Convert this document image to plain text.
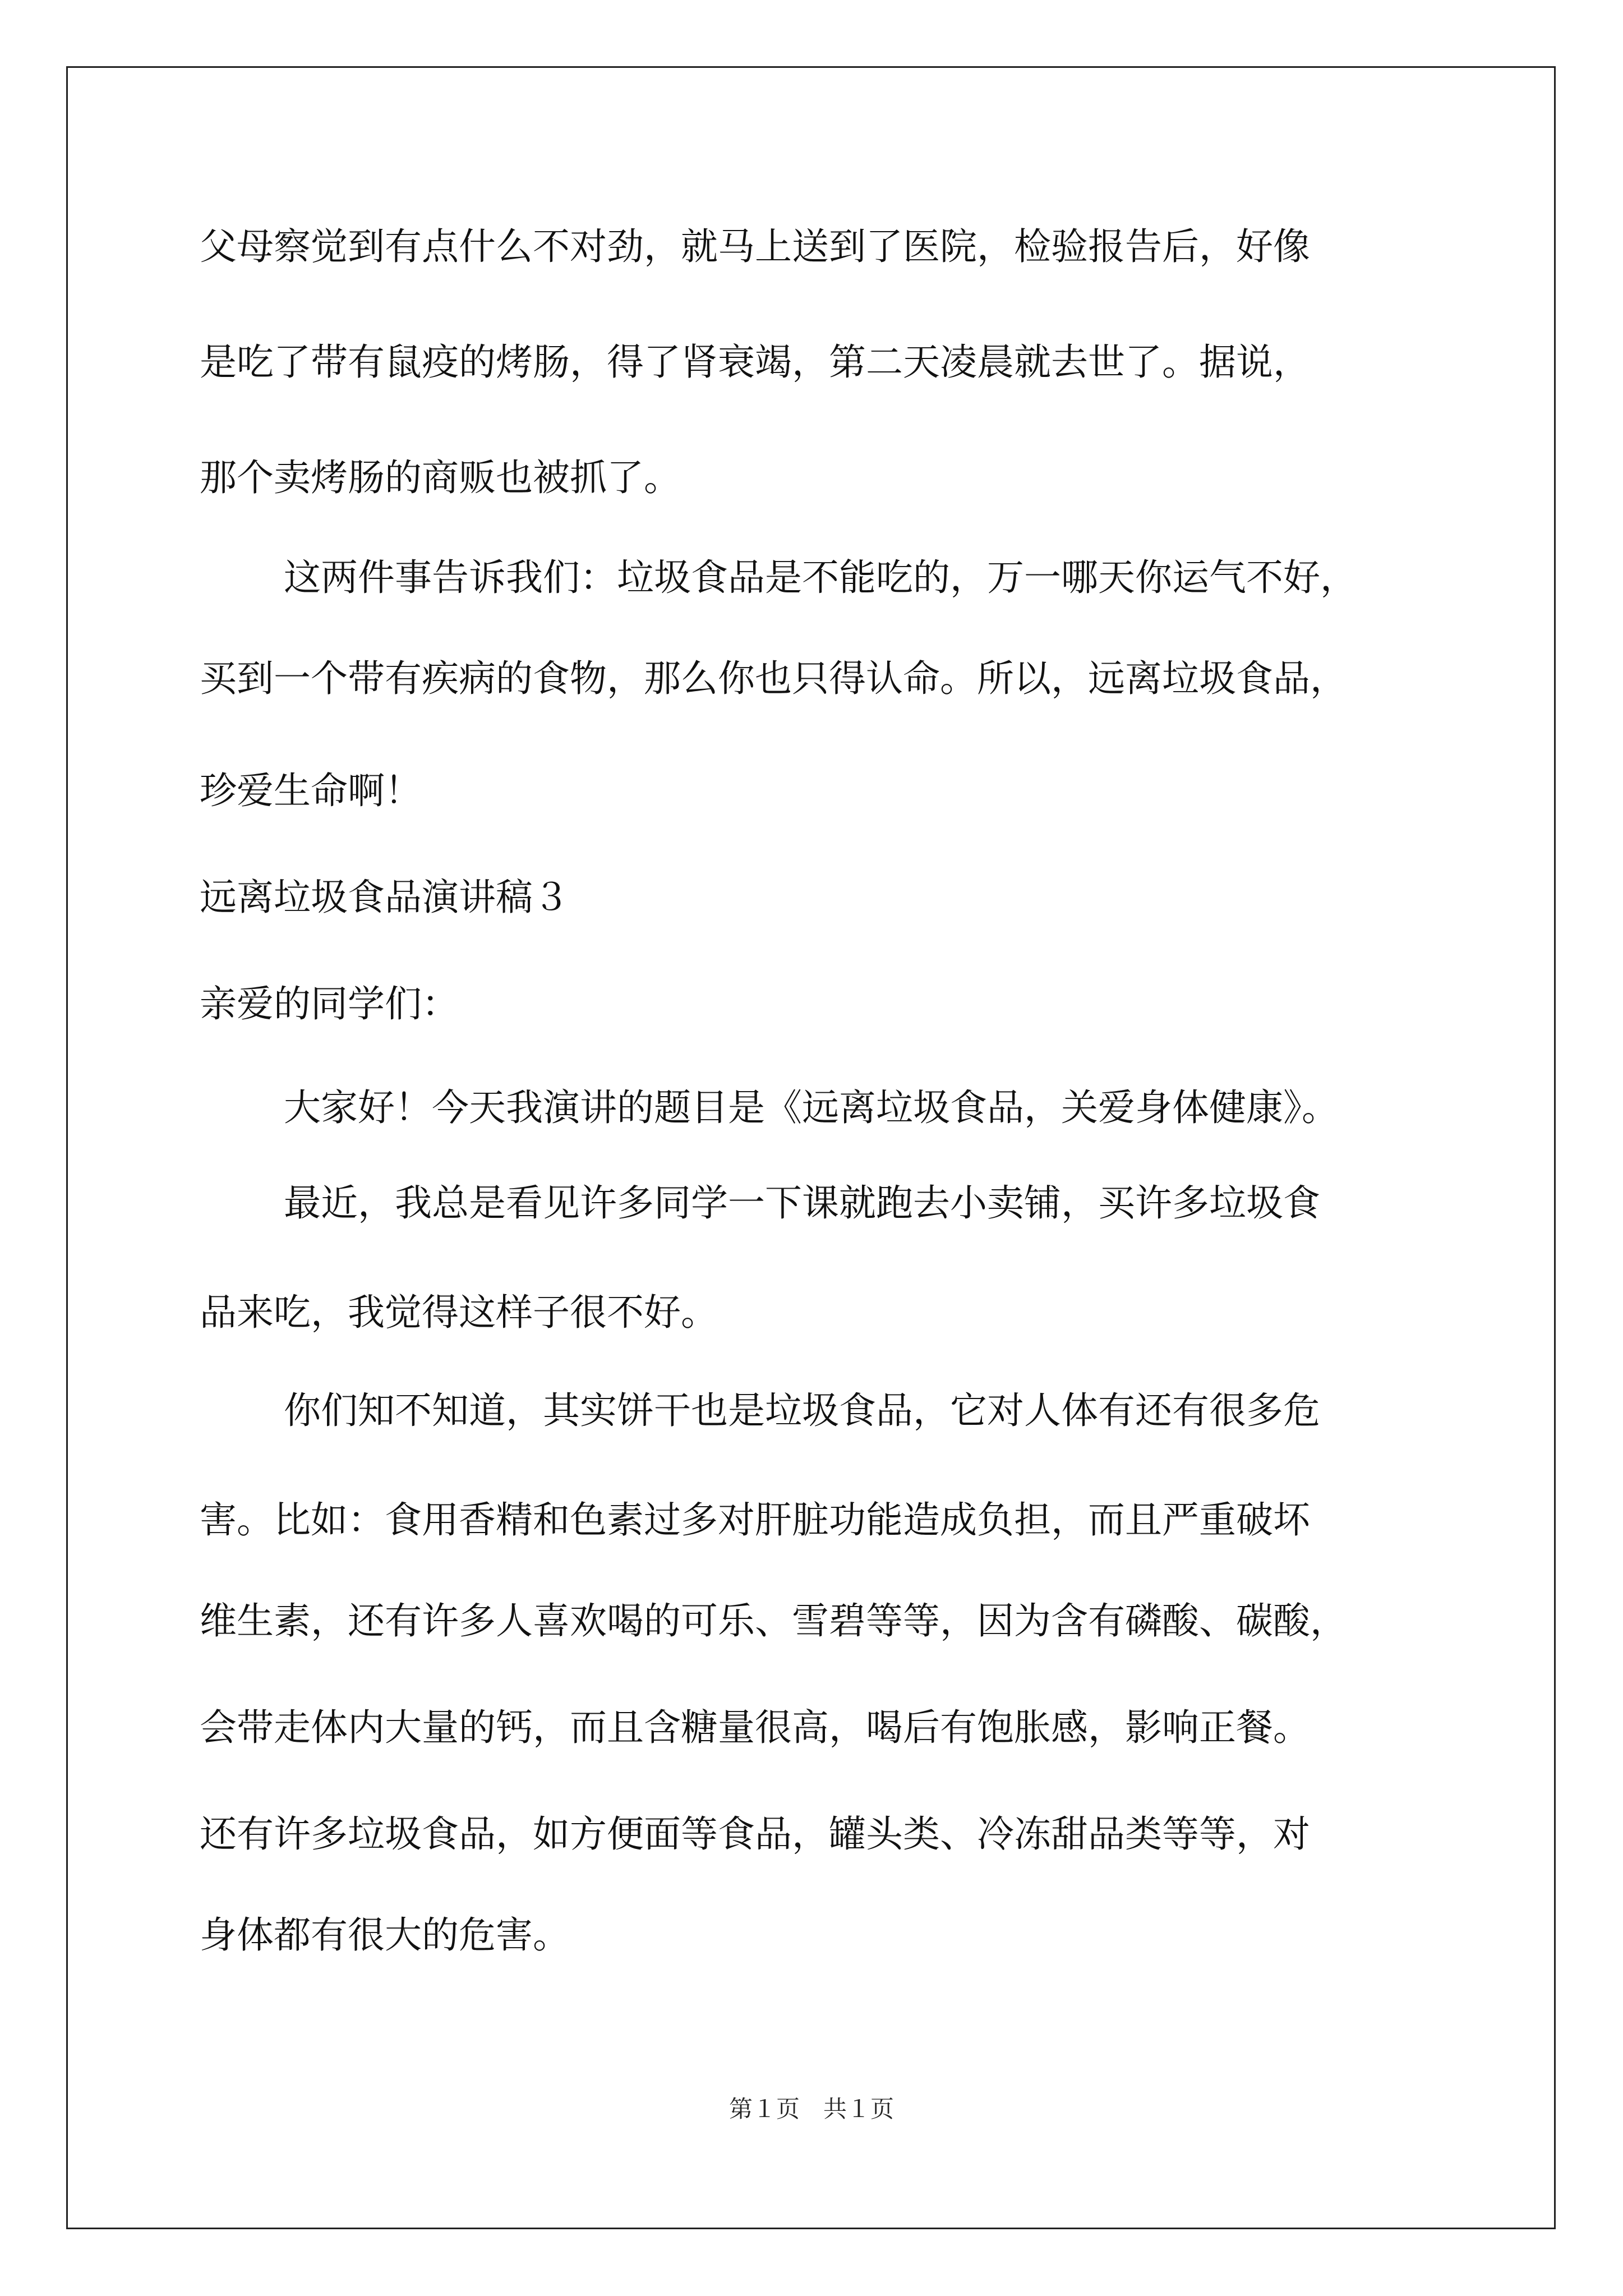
父母察觉到有点什么不对劲，就马上送到了医院，检验报告后，好像

是吃了带有鼠疫的烤肠，得了肾衰竭，第二天凌晨就去世了。据说，

那个卖烤肠的商贩也被抓了。

这两件事告诉我们：垃圾食品是不能吃的，万一哪天你运气不好，

买到一个带有疾病的食物，那么你也只得认命。所以，远离垃圾食品，

珍爱生命啊！

远离垃圾食品演讲稿３

亲爱的同学们：

大家好！今天我演讲的题目是《远离垃圾食品，关爱身体健康》。

最近，我总是看见许多同学一下课就跑去小卖铺，买许多垃圾食

品来吃，我觉得这样子很不好。

你们知不知道，其实饼干也是垃圾食品，它对人体有还有很多危

害。比如：食用香精和色素过多对肝脏功能造成负担，而且严重破坏

维生素，还有许多人喜欢喝的可乐、雪碧等等，因为含有磷酸、碳酸，

会带走体内大量的钙，而且含糖量很高，喝后有饱胀感，影响正餐。

还有许多垃圾食品，如方便面等食品，罐头类、冷冻甜品类等等，对

身体都有很大的危害。

第１页　共１页
